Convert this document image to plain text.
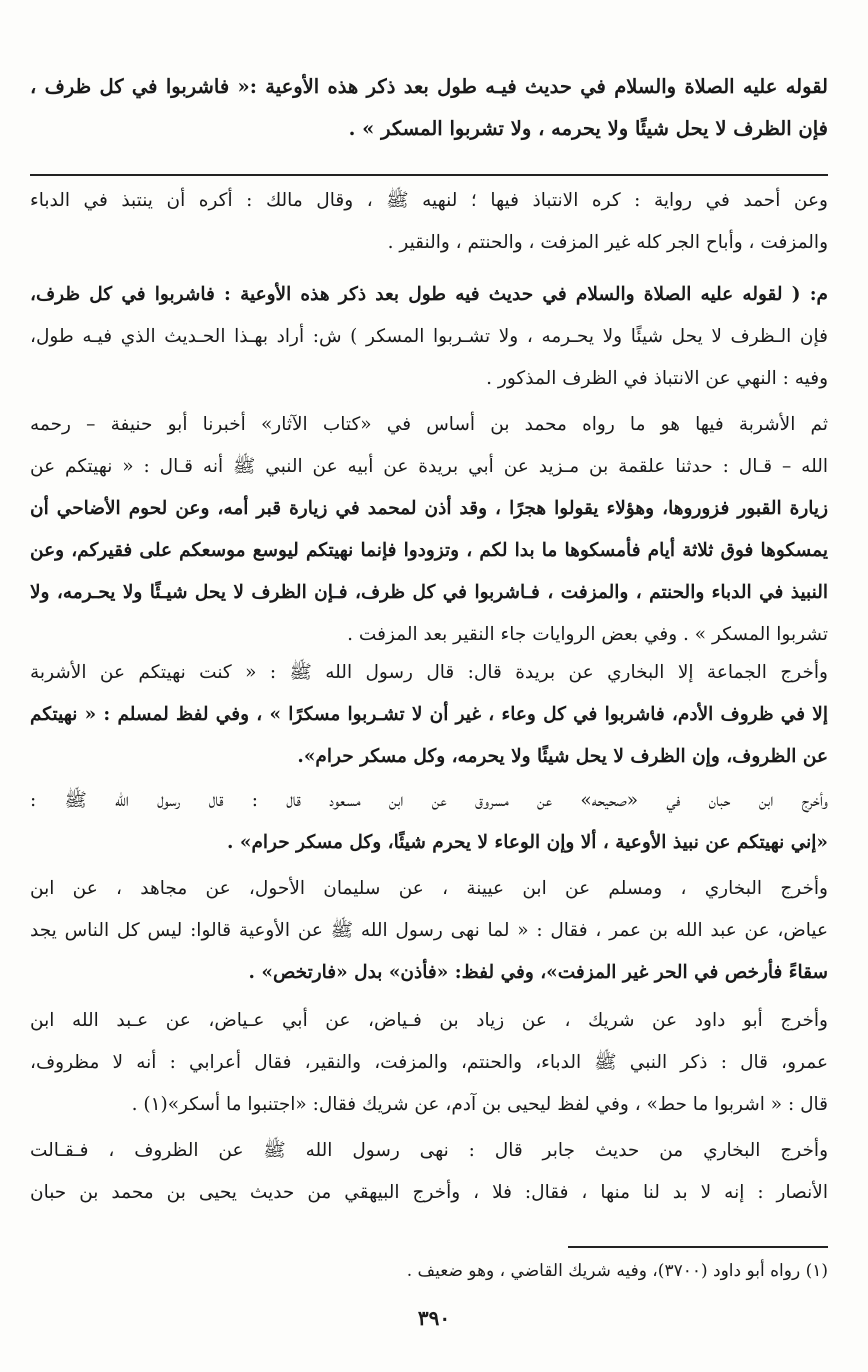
لقوله عليه الصلاة والسلام في حديث فيـه طول بعد ذكر هذه الأوعية :« فاشربوا في كل ظرف ،
فإن الظرف لا يحل شيئًا ولا يحرمه ، ولا تشربوا المسكر » .
وعن أحمد في رواية : كره الانتباذ فيها ؛ لنهيه ﷺ ، وقال مالك : أكره أن ينتبذ في الدباء
والمزفت ، وأباح الجر كله غير المزفت ، والحنتم ، والنقير .
م: ( لقوله عليه الصلاة والسلام في حديث فيه طول بعد ذكر هذه الأوعية : فاشربوا في كل ظرف،
فإن الـظرف لا يحل شيئًا ولا يحـرمه ، ولا تشـربوا المسكر ) ش: أراد بهـذا الحـديث الذي فيـه طول،
وفيه : النهي عن الانتباذ في الظرف المذكور .
ثم الأشربة فيها هو ما رواه محمد بن أساس في «كتاب الآثار» أخبرنا أبو حنيفة – رحمه
الله – قـال : حدثنا علقمة بن مـزيد عن أبي بريدة عن أبيه عن النبي ﷺ أنه قـال : « نهيتكم عن
زيارة القبور فزوروها، وهؤلاء يقولوا هجرًا ، وقد أذن لمحمد في زيارة قبر أمه، وعن لحوم الأضاحي أن
يمسكوها فوق ثلاثة أيام فأمسكوها ما بدا لكم ، وتزودوا فإنما نهيتكم ليوسع موسعكم على فقيركم، وعن
النبيذ في الدباء والحنتم ، والمزفت ، فـاشربوا في كل ظرف، فـإن الظرف لا يحل شيـئًا ولا يحـرمه، ولا
تشربوا المسكر » . وفي بعض الروايات جاء النقير بعد المزفت .
وأخرج الجماعة إلا البخاري عن بريدة قال: قال رسول الله ﷺ : « كنت نهيتكم عن الأشربة
إلا في ظروف الأدم، فاشربوا في كل وعاء ، غير أن لا تشـربوا مسكرًا » ، وفي لفظ لمسلم : « نهيتكم
عن الظروف، وإن الظرف لا يحل شيئًا ولا يحرمه، وكل مسكر حرام».
وأخرج ابن حبان في «صحيحه» عن مسروق عن ابن مسعود قال : قال رسول الله ﷺ :
«إني نهيتكم عن نبيذ الأوعية ، ألا وإن الوعاء لا يحرم شيئًا، وكل مسكر حرام» .
وأخرج البخاري ، ومسلم عن ابن عيينة ، عن سليمان الأحول، عن مجاهد ، عن ابن
عياض، عن عبد الله بن عمر ، فقال : « لما نهى رسول الله ﷺ عن الأوعية قالوا: ليس كل الناس يجد
سقاءً فأرخص في الحر غير المزفت»، وفي لفظ: «فأذن» بدل «فارتخص» .
وأخرج أبو داود عن شريك ، عن زياد بن فـياض، عن أبي عـياض، عن عـبد الله ابن
عمرو، قال : ذكر النبي ﷺ الدباء، والحنتم، والمزفت، والنقير، فقال أعرابي : أنه لا مظروف،
قال : « اشربوا ما حط» ، وفي لفظ ليحيى بن آدم، عن شريك فقال: «اجتنبوا ما أسكر»(١) .
وأخرج البخاري من حديث جابر قال : نهى رسول الله ﷺ عن الظروف ، فـقـالت
الأنصار : إنه لا بد لنا منها ، فقال: فلا ، وأخرج البيهقي من حديث يحيى بن محمد بن حبان
(١) رواه أبو داود (٣٧٠٠)، وفيه شريك القاضي ، وهو ضعيف .
٣٩٠
